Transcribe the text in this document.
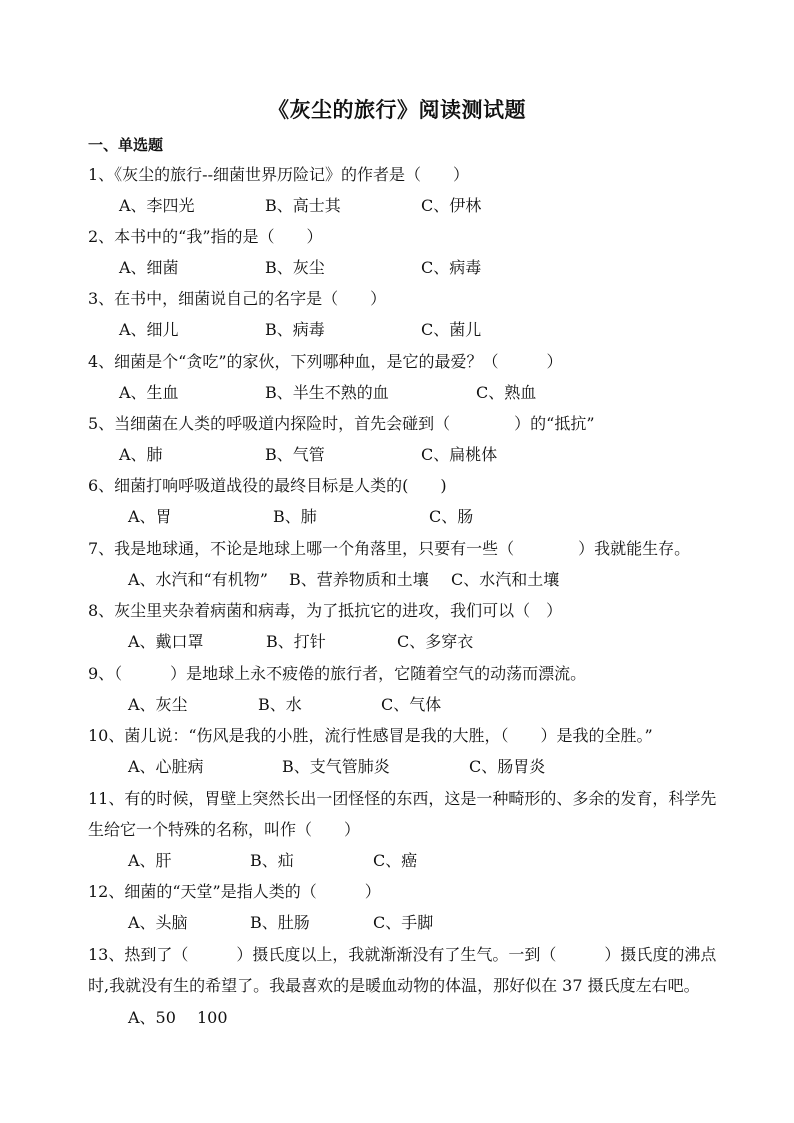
《灰尘的旅行》阅读测试题
一、单选题
1、《灰尘的旅行--细菌世界历险记》的作者是（　　）

A、李四光

	B、高士其

	C、伊林

2、本书中的“我”指的是（　　）

A、细菌

	B、灰尘

	C、病毒

3、在书中，细菌说自己的名字是（　　）

A、细儿

	B、病毒

	C、菌儿

4、细菌是个“贪吃”的家伙，下列哪种血，是它的最爱？（　　　）

A、生血

	B、半生不熟的血

	C、熟血

5、当细菌在人类的呼吸道内探险时，首先会碰到（　　　　）的“抵抗”

A、肺

	B、气管

	C、扁桃体

6、细菌打响呼吸道战役的最终目标是人类的(　　)

A、胃

	B、肺

	C、肠

7、我是地球通，不论是地球上哪一个角落里，只要有一些（　　　　）我就能生存。

A、水汽和“有机物”

B、营养物质和土壤

C、水汽和土壤

8、灰尘里夹杂着病菌和病毒，为了抵抗它的进攻，我们可以（　）

A、戴口罩

	B、打针

	C、多穿衣

9、（　　　）是地球上永不疲倦的旅行者，它随着空气的动荡而漂流。

A、灰尘

	B、水

	C、气体

10、菌儿说：“伤风是我的小胜，流行性感冒是我的大胜，（　　）是我的全胜。”

A、心脏病

	B、支气管肺炎

	C、肠胃炎

11、有的时候，胃壁上突然长出一团怪怪的东西，这是一种畸形的、多余的发育，科学先
生给它一个特殊的名称，叫作（　　）

A、肝

	B、疝

	C、癌

12、细菌的“天堂”是指人类的（　　　）

A、头脑

	B、肚肠

	C、手脚

13、热到了（　　　）摄氏度以上，我就渐渐没有了生气。一到（　　　）摄氏度的沸点
时,我就没有生的希望了。我最喜欢的是暖血动物的体温，那好似在 37 摄氏度左右吧。

A、50　 100
